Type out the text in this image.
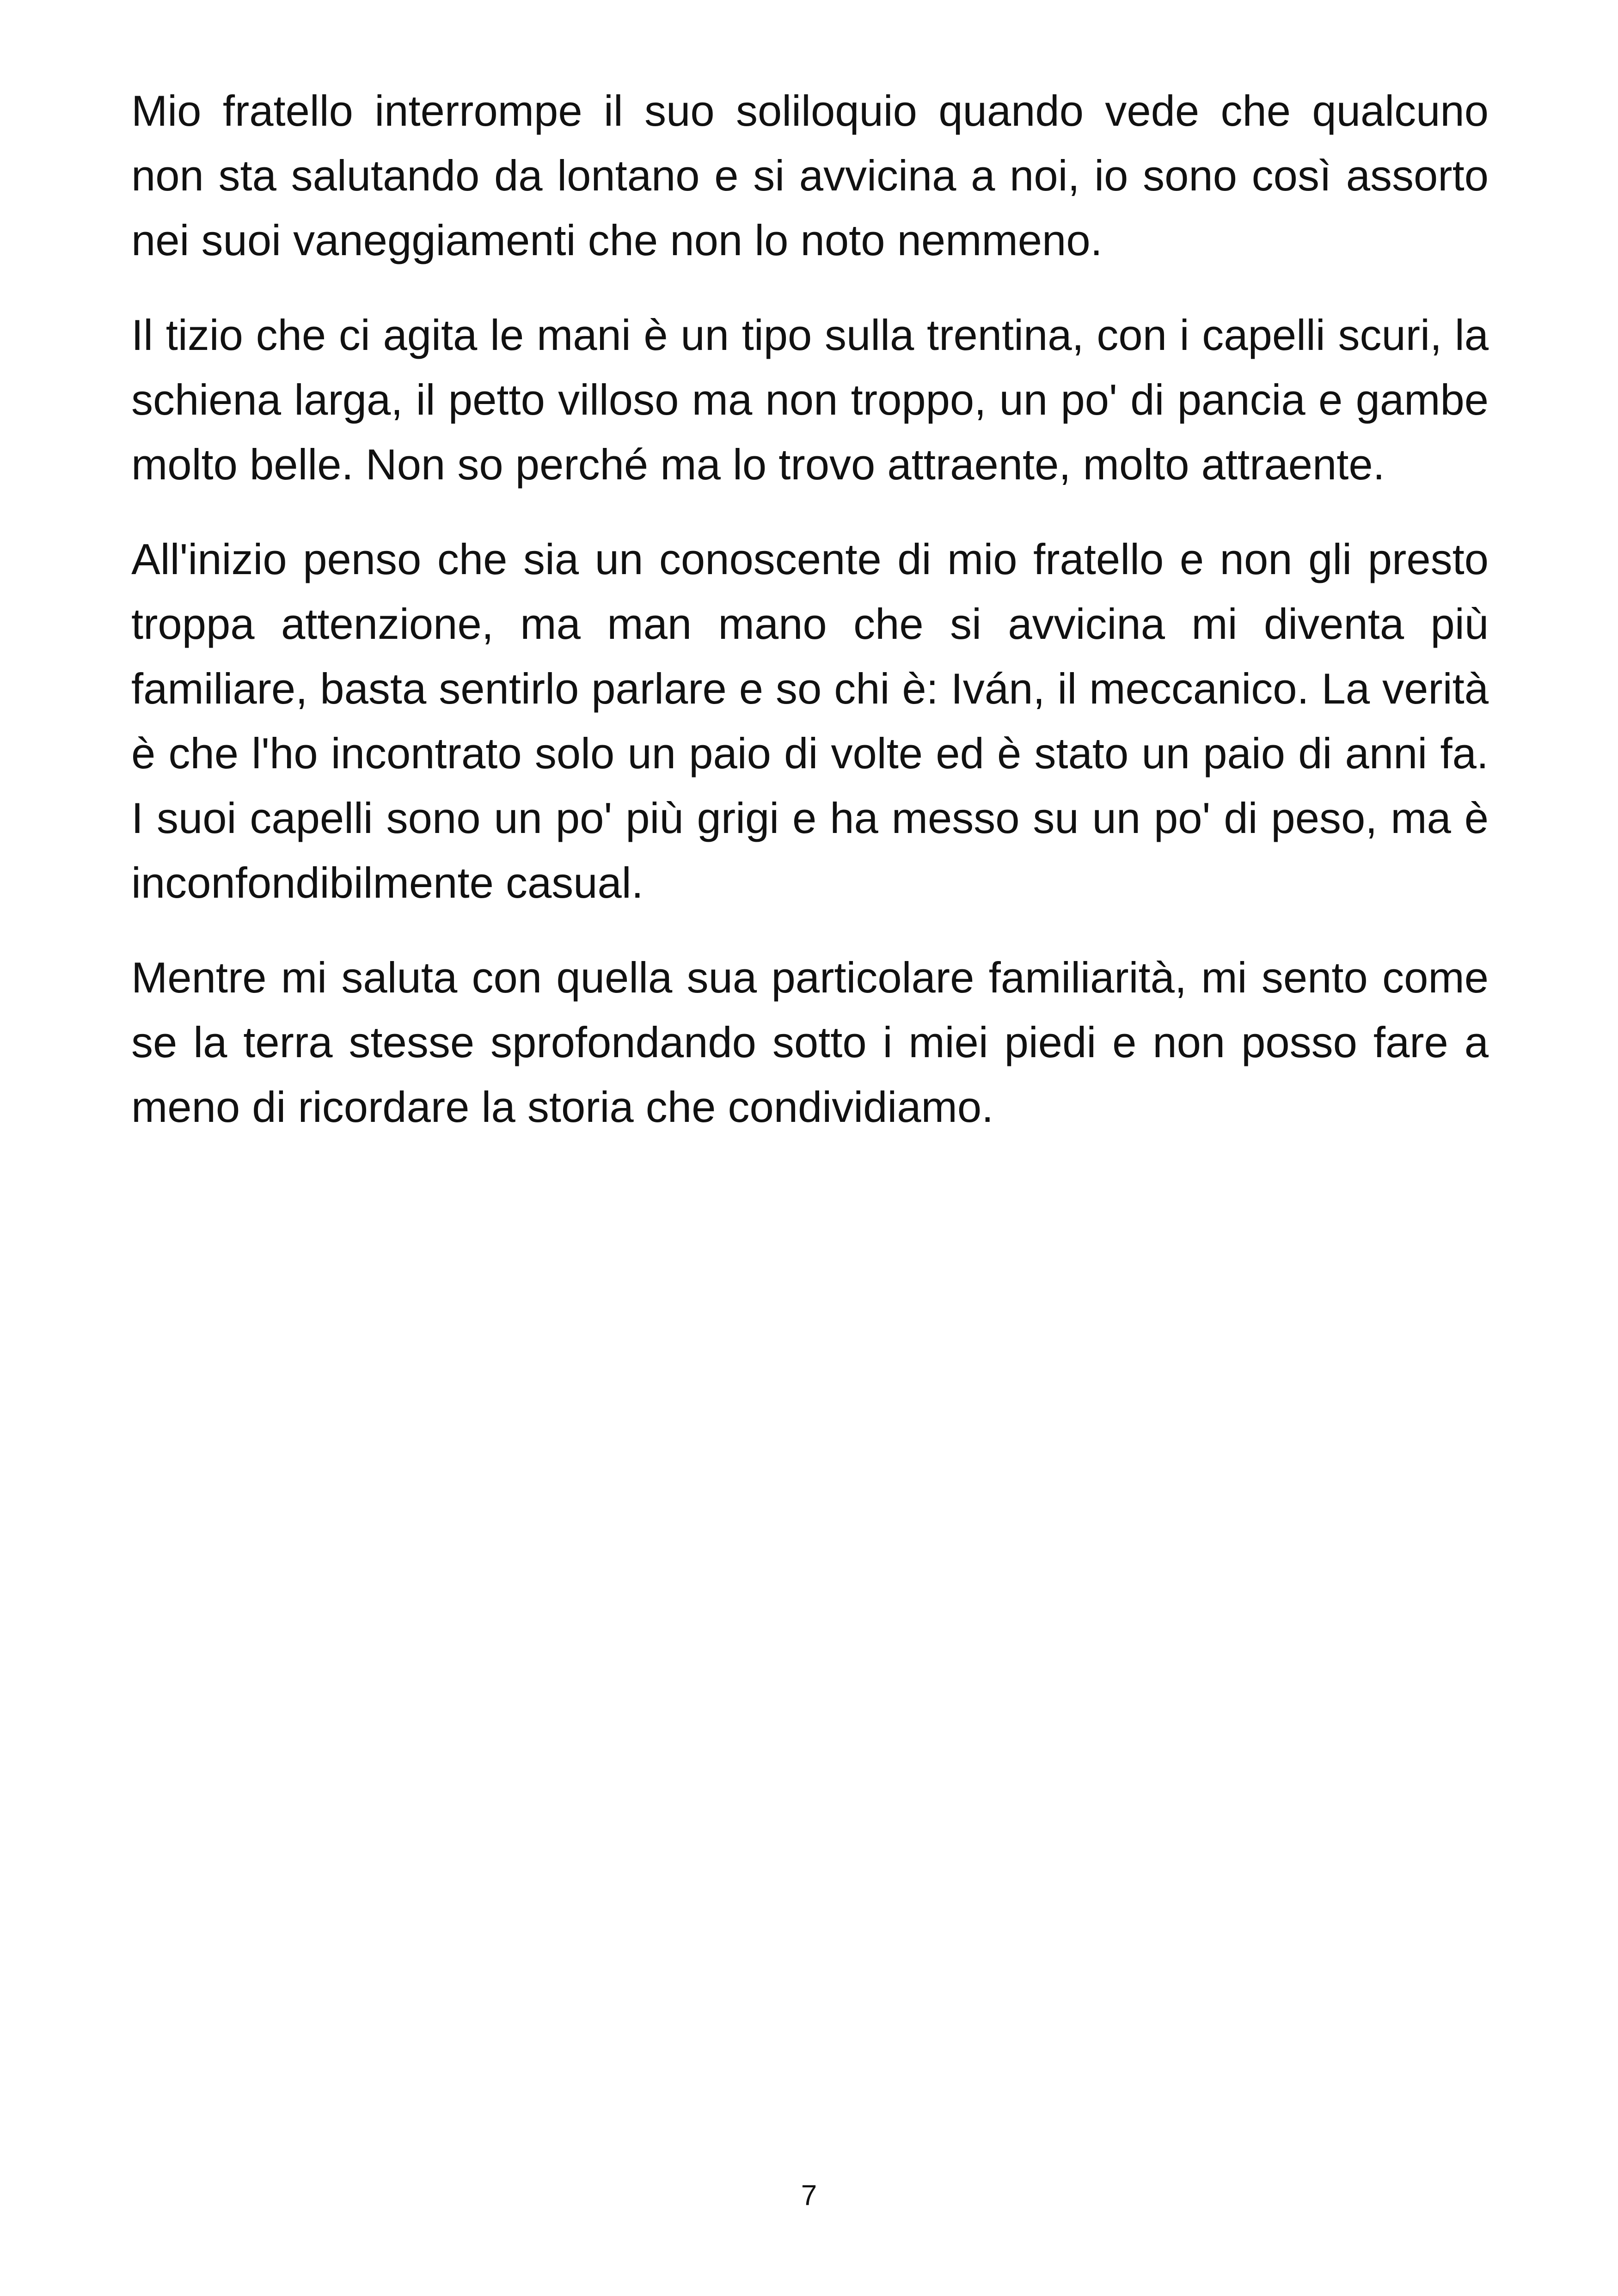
Mio fratello interrompe il suo soliloquio quando vede che qualcuno non sta salutando da lontano e si avvicina a noi, io sono così assorto nei suoi vaneggiamenti che non lo noto nemmeno.

Il tizio che ci agita le mani è un tipo sulla trentina, con i capelli scuri, la schiena larga, il petto villoso ma non troppo, un po' di pancia e gambe molto belle. Non so perché ma lo trovo attraente, molto attraente.

All'inizio penso che sia un conoscente di mio fratello e non gli presto troppa attenzione, ma man mano che si avvicina mi diventa più familiare, basta sentirlo parlare e so chi è: Iván, il meccanico. La verità è che l'ho incontrato solo un paio di volte ed è stato un paio di anni fa. I suoi capelli sono un po' più grigi e ha messo su un po' di peso, ma è inconfondibilmente casual.

Mentre mi saluta con quella sua particolare familiarità, mi sento come se la terra stesse sprofondando sotto i miei piedi e non posso fare a meno di ricordare la storia che condividiamo.

7
